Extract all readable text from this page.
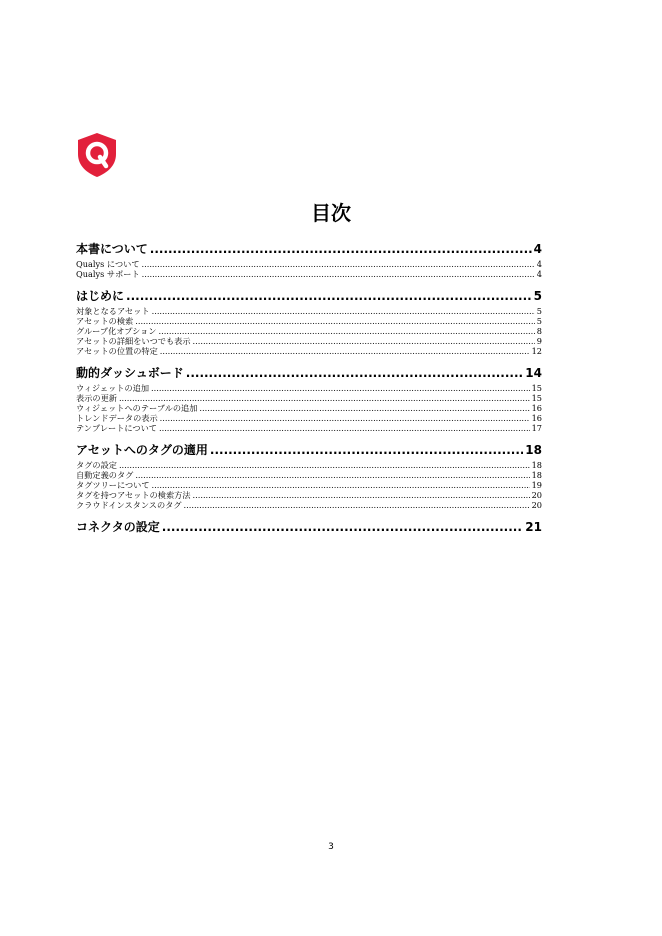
目次
本書について .....	4
Qualys について .....	4
Qualys サポート .....	4
はじめに .....	5
対象となるアセット .....	5
アセットの検索 .....	5
グループ化オプション .....	8
アセットの詳細をいつでも表示 .....	9
アセットの位置の特定 .....	12
動的ダッシュボード .....	14
ウィジェットの追加 .....	15
表示の更新 .....	15
ウィジェットへのテーブルの追加 .....	16
トレンドデータの表示 .....	16
テンプレートについて .....	17
アセットへのタグの適用 .....	18
タグの設定 .....	18
自動定義のタグ .....	18
タグツリーについて .....	19
タグを持つアセットの検索方法 .....	20
クラウドインスタンスのタグ .....	20
コネクタの設定 .....	21
3
